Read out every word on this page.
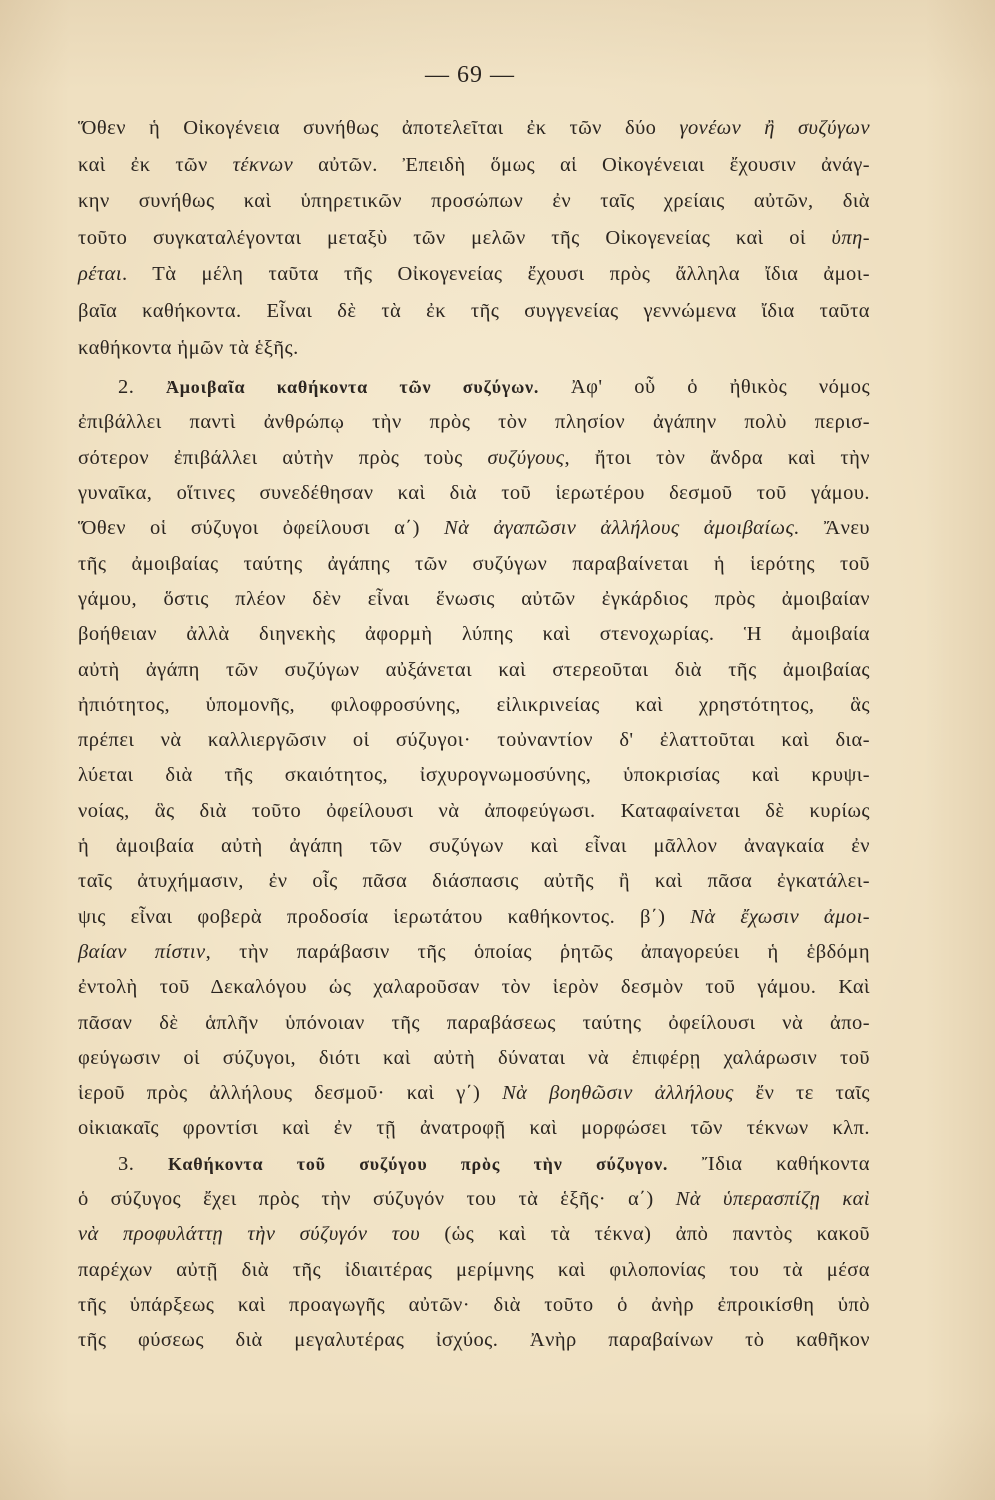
— 69 —
Ὅθεν ἡ Οἰκογένεια συνήθως ἀποτελεῖται ἐκ τῶν δύο γονέων ἢ συζύγων
καὶ ἐκ τῶν τέκνων αὐτῶν. Ἐπειδὴ ὅμως αἱ Οἰκογένειαι ἔχουσιν ἀνάγ-
κην συνήθως καὶ ὑπηρετικῶν προσώπων ἐν ταῖς χρείαις αὐτῶν, διὰ
τοῦτο συγκαταλέγονται μεταξὺ τῶν μελῶν τῆς Οἰκογενείας καὶ οἱ ὑπη-
ρέται. Τὰ μέλη ταῦτα τῆς Οἰκογενείας ἔχουσι πρὸς ἄλληλα ἴδια ἀμοι-
βαῖα καθήκοντα. Εἶναι δὲ τὰ ἐκ τῆς συγγενείας γεννώμενα ἴδια ταῦτα
καθήκοντα ἡμῶν τὰ ἑξῆς.
2. Ἀμοιβαῖα καθήκοντα τῶν συζύγων. Ἀφ' οὗ ὁ ἠθικὸς νόμος
ἐπιβάλλει παντὶ ἀνθρώπῳ τὴν πρὸς τὸν πλησίον ἀγάπην πολὺ περισ-
σότερον ἐπιβάλλει αὐτὴν πρὸς τοὺς συζύγους, ἤτοι τὸν ἄνδρα καὶ τὴν
γυναῖκα, οἵτινες συνεδέθησαν καὶ διὰ τοῦ ἱερωτέρου δεσμοῦ τοῦ γάμου.
Ὅθεν οἱ σύζυγοι ὀφείλουσι α΄) Νὰ ἀγαπῶσιν ἀλλήλους ἀμοιβαίως. Ἄνευ
τῆς ἀμοιβαίας ταύτης ἀγάπης τῶν συζύγων παραβαίνεται ἡ ἱερότης τοῦ
γάμου, ὅστις πλέον δὲν εἶναι ἕνωσις αὐτῶν ἐγκάρδιος πρὸς ἀμοιβαίαν
βοήθειαν ἀλλὰ διηνεκὴς ἀφορμὴ λύπης καὶ στενοχωρίας. Ἡ ἀμοιβαία
αὐτὴ ἀγάπη τῶν συζύγων αὐξάνεται καὶ στερεοῦται διὰ τῆς ἀμοιβαίας
ἠπιότητος, ὑπομονῆς, φιλοφροσύνης, εἰλικρινείας καὶ χρηστότητος, ἃς
πρέπει νὰ καλλιεργῶσιν οἱ σύζυγοι· τοὐναντίον δ' ἐλαττοῦται καὶ δια-
λύεται διὰ τῆς σκαιότητος, ἰσχυρογνωμοσύνης, ὑποκρισίας καὶ κρυψι-
νοίας, ἃς διὰ τοῦτο ὀφείλουσι νὰ ἀποφεύγωσι. Καταφαίνεται δὲ κυρίως
ἡ ἀμοιβαία αὐτὴ ἀγάπη τῶν συζύγων καὶ εἶναι μᾶλλον ἀναγκαία ἐν
ταῖς ἀτυχήμασιν, ἐν οἷς πᾶσα διάσπασις αὐτῆς ἢ καὶ πᾶσα ἐγκατάλει-
ψις εἶναι φοβερὰ προδοσία ἱερωτάτου καθήκοντος. β΄) Νὰ ἔχωσιν ἀμοι-
βαίαν πίστιν, τὴν παράβασιν τῆς ὁποίας ῥητῶς ἀπαγορεύει ἡ ἑβδόμη
ἐντολὴ τοῦ Δεκαλόγου ὡς χαλαροῦσαν τὸν ἱερὸν δεσμὸν τοῦ γάμου. Καὶ
πᾶσαν δὲ ἁπλῆν ὑπόνοιαν τῆς παραβάσεως ταύτης ὀφείλουσι νὰ ἀπο-
φεύγωσιν οἱ σύζυγοι, διότι καὶ αὐτὴ δύναται νὰ ἐπιφέρῃ χαλάρωσιν τοῦ
ἱεροῦ πρὸς ἀλλήλους δεσμοῦ· καὶ γ΄) Νὰ βοηθῶσιν ἀλλήλους ἔν τε ταῖς
οἰκιακαῖς φροντίσι καὶ ἐν τῇ ἀνατροφῇ καὶ μορφώσει τῶν τέκνων κλπ.
3. Καθήκοντα τοῦ συζύγου πρὸς τὴν σύζυγον. Ἴδια καθήκοντα
ὁ σύζυγος ἔχει πρὸς τὴν σύζυγόν του τὰ ἑξῆς· α΄) Νὰ ὑπερασπίζῃ καὶ
νὰ προφυλάττῃ τὴν σύζυγόν του (ὡς καὶ τὰ τέκνα) ἀπὸ παντὸς κακοῦ
παρέχων αὐτῇ διὰ τῆς ἰδιαιτέρας μερίμνης καὶ φιλοπονίας του τὰ μέσα
τῆς ὑπάρξεως καὶ προαγωγῆς αὐτῶν· διὰ τοῦτο ὁ ἀνὴρ ἐπροικίσθη ὑπὸ
τῆς φύσεως διὰ μεγαλυτέρας ἰσχύος. Ἀνὴρ παραβαίνων τὸ καθῆκον
